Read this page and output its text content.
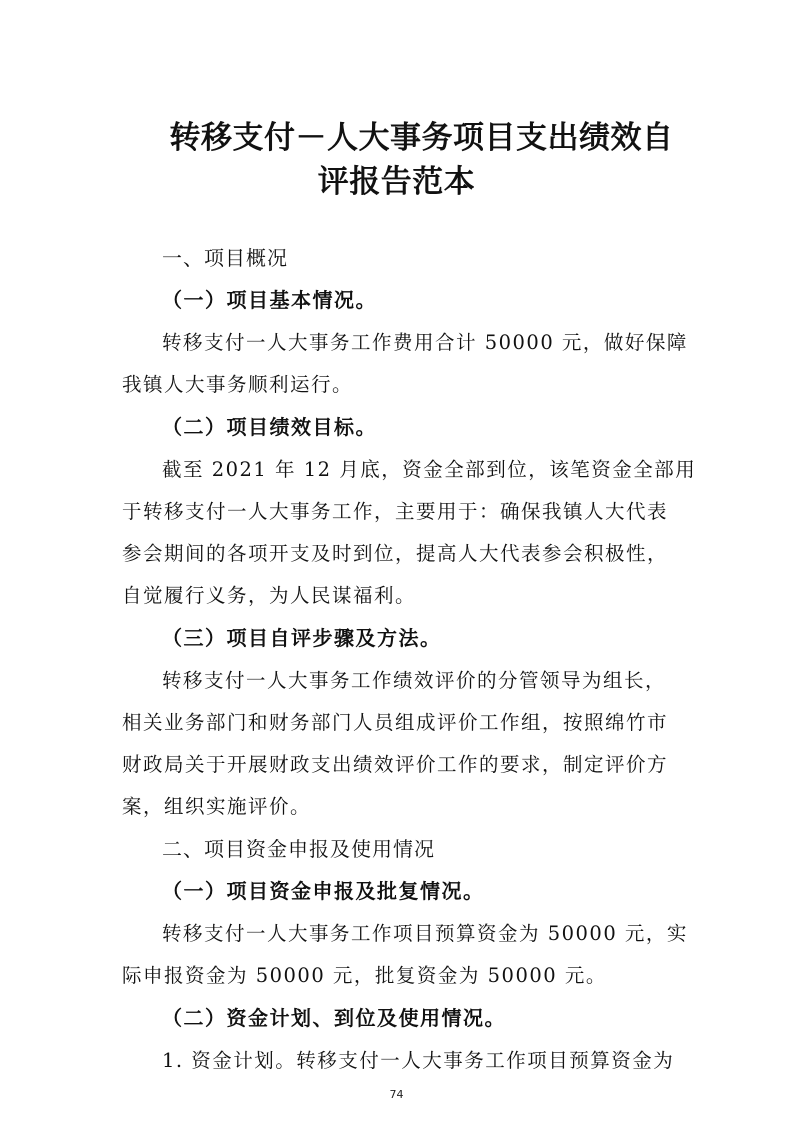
转移支付－人大事务项目支出绩效自
评报告范本
一、项目概况
（一）项目基本情况。
转移支付一人大事务工作费用合计 50000 元，做好保障
我镇人大事务顺利运行。
（二）项目绩效目标。
截至 2021 年 12 月底，资金全部到位，该笔资金全部用
于转移支付一人大事务工作，主要用于：确保我镇人大代表
参会期间的各项开支及时到位，提高人大代表参会积极性，
自觉履行义务，为人民谋福利。
（三）项目自评步骤及方法。
转移支付一人大事务工作绩效评价的分管领导为组长，
相关业务部门和财务部门人员组成评价工作组，按照绵竹市
财政局关于开展财政支出绩效评价工作的要求，制定评价方
案，组织实施评价。
二、项目资金申报及使用情况
（一）项目资金申报及批复情况。
转移支付一人大事务工作项目预算资金为 50000 元，实
际申报资金为 50000 元，批复资金为 50000 元。
（二）资金计划、到位及使用情况。
1. 资金计划。转移支付一人大事务工作项目预算资金为
74
